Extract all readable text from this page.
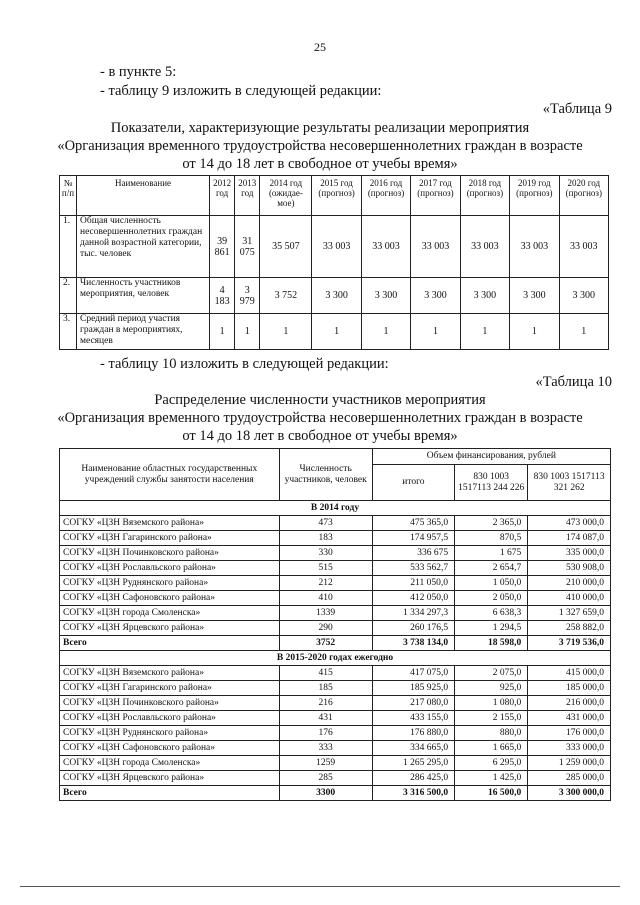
25
- в пункте 5:
- таблицу 9 изложить в следующей редакции:
«Таблица 9
Показатели, характеризующие результаты реализации мероприятия
«Организация временного трудоустройства несовершеннолетних граждан в возрасте
от 14 до 18 лет в свободное от учебы время»
№ п/п	Наименование	2012 год	2013 год	2014 год (ожидае-мое)	2015 год (прогноз)	2016 год (прогноз)	2017 год (прогноз)	2018 год (прогноз)	2019 год (прогноз)	2020 год (прогноз)
1.	Общая численность несовершеннолетних граждан данной возрастной категории, тыс. человек	39 861	31 075	35 507	33 003	33 003	33 003	33 003	33 003	33 003
2.	Численность участников мероприятия, человек	4 183	3 979	3 752	3 300	3 300	3 300	3 300	3 300	3 300
3.	Средний период участия граждан в мероприятиях, месяцев	1	1	1	1	1	1	1	1	1
- таблицу 10 изложить в следующей редакции:
«Таблица 10
Распределение численности участников мероприятия
«Организация временного трудоустройства несовершеннолетних граждан в возрасте
от 14 до 18 лет в свободное от учебы время»
Наименование областных государственных учреждений службы занятости населения	Численность участников, человек	Объем финансирования, рублей		
		итого	830 1003 1517113 244 226	830 1003 1517113 321 262
В 2014 году				
СОГКУ «ЦЗН Вяземского района»	473	475 365,0	2 365,0	473 000,0
СОГКУ «ЦЗН Гагаринского района»	183	174 957,5	870,5	174 087,0
СОГКУ «ЦЗН Починковского района»	330	336 675	1 675	335 000,0
СОГКУ «ЦЗН Рославльского района»	515	533 562,7	2 654,7	530 908,0
СОГКУ «ЦЗН Руднянского района»	212	211 050,0	1 050,0	210 000,0
СОГКУ «ЦЗН Сафоновского района»	410	412 050,0	2 050,0	410 000,0
СОГКУ «ЦЗН города Смоленска»	1339	1 334 297,3	6 638,3	1 327 659,0
СОГКУ «ЦЗН Ярцевского района»	290	260 176,5	1 294,5	258 882,0
Всего	3752	3 738 134,0	18 598,0	3 719 536,0
В 2015-2020 годах ежегодно				
СОГКУ «ЦЗН Вяземского района»	415	417 075,0	2 075,0	415 000,0
СОГКУ «ЦЗН Гагаринского района»	185	185 925,0	925,0	185 000,0
СОГКУ «ЦЗН Починковского района»	216	217 080,0	1 080,0	216 000,0
СОГКУ «ЦЗН Рославльского района»	431	433 155,0	2 155,0	431 000,0
СОГКУ «ЦЗН Руднянского района»	176	176 880,0	880,0	176 000,0
СОГКУ «ЦЗН Сафоновского района»	333	334 665,0	1 665,0	333 000,0
СОГКУ «ЦЗН города Смоленска»	1259	1 265 295,0	6 295,0	1 259 000,0
СОГКУ «ЦЗН Ярцевского района»	285	286 425,0	1 425,0	285 000,0
Всего	3300	3 316 500,0	16 500,0	3 300 000,0
